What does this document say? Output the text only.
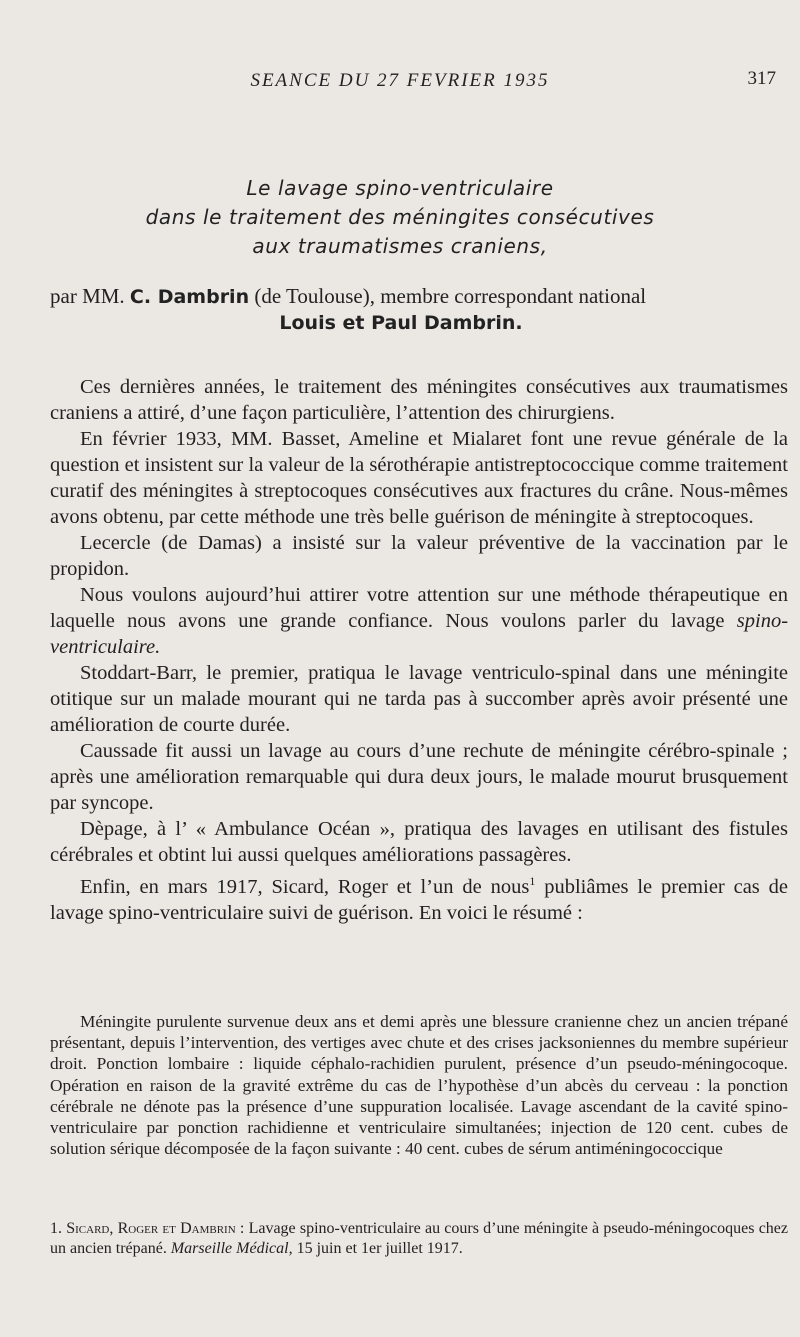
SEANCE DU 27 FEVRIER 1935	317
Le lavage spino-ventriculaire
dans le traitement des méningites consécutives
aux traumatismes craniens,
par MM. C. Dambrin (de Toulouse), membre correspondant national
Louis et Paul Dambrin.

Ces dernières années, le traitement des méningites consécutives aux traumatismes craniens a attiré, d’une façon particulière, l’attention des chirurgiens.

En février 1933, MM. Basset, Ameline et Mialaret font une revue générale de la question et insistent sur la valeur de la sérothérapie antistreptococcique comme traitement curatif des méningites à streptocoques consécutives aux fractures du crâne. Nous-mêmes avons obtenu, par cette méthode une très belle guérison de méningite à streptocoques.

Lecercle (de Damas) a insisté sur la valeur préventive de la vaccination par le propidon.

Nous voulons aujourd’hui attirer votre attention sur une méthode thérapeutique en laquelle nous avons une grande confiance. Nous voulons parler du lavage spino-ventriculaire.

Stoddart-Barr, le premier, pratiqua le lavage ventriculo-spinal dans une méningite otitique sur un malade mourant qui ne tarda pas à succomber après avoir présenté une amélioration de courte durée.

Caussade fit aussi un lavage au cours d’une rechute de méningite cérébro-spinale ; après une amélioration remarquable qui dura deux jours, le malade mourut brusquement par syncope.

Dèpage, à l’ « Ambulance Océan », pratiqua des lavages en utilisant des fistules cérébrales et obtint lui aussi quelques améliorations passagères.

Enfin, en mars 1917, Sicard, Roger et l’un de nous$^1$ publiâmes le premier cas de lavage spino-ventriculaire suivi de guérison. En voici le résumé :

Méningite purulente survenue deux ans et demi après une blessure cranienne chez un ancien trépané présentant, depuis l’intervention, des vertiges avec chute et des crises jacksoniennes du membre supérieur droit. Ponction lombaire : liquide céphalo-rachidien purulent, présence d’un pseudo-méningocoque. Opération en raison de la gravité extrême du cas de l’hypothèse d’un abcès du cerveau : la ponction cérébrale ne dénote pas la présence d’une suppuration localisée. Lavage ascendant de la cavité spino-ventriculaire par ponction rachidienne et ventriculaire simultanées; injection de 120 cent. cubes de solution sérique décomposée de la façon suivante : 40 cent. cubes de sérum antiméningococcique

1. Sicard, Roger et Dambrin : Lavage spino-ventriculaire au cours d’une méningite à pseudo-méningocoques chez un ancien trépané. Marseille Médical, 15 juin et 1er juillet 1917.
